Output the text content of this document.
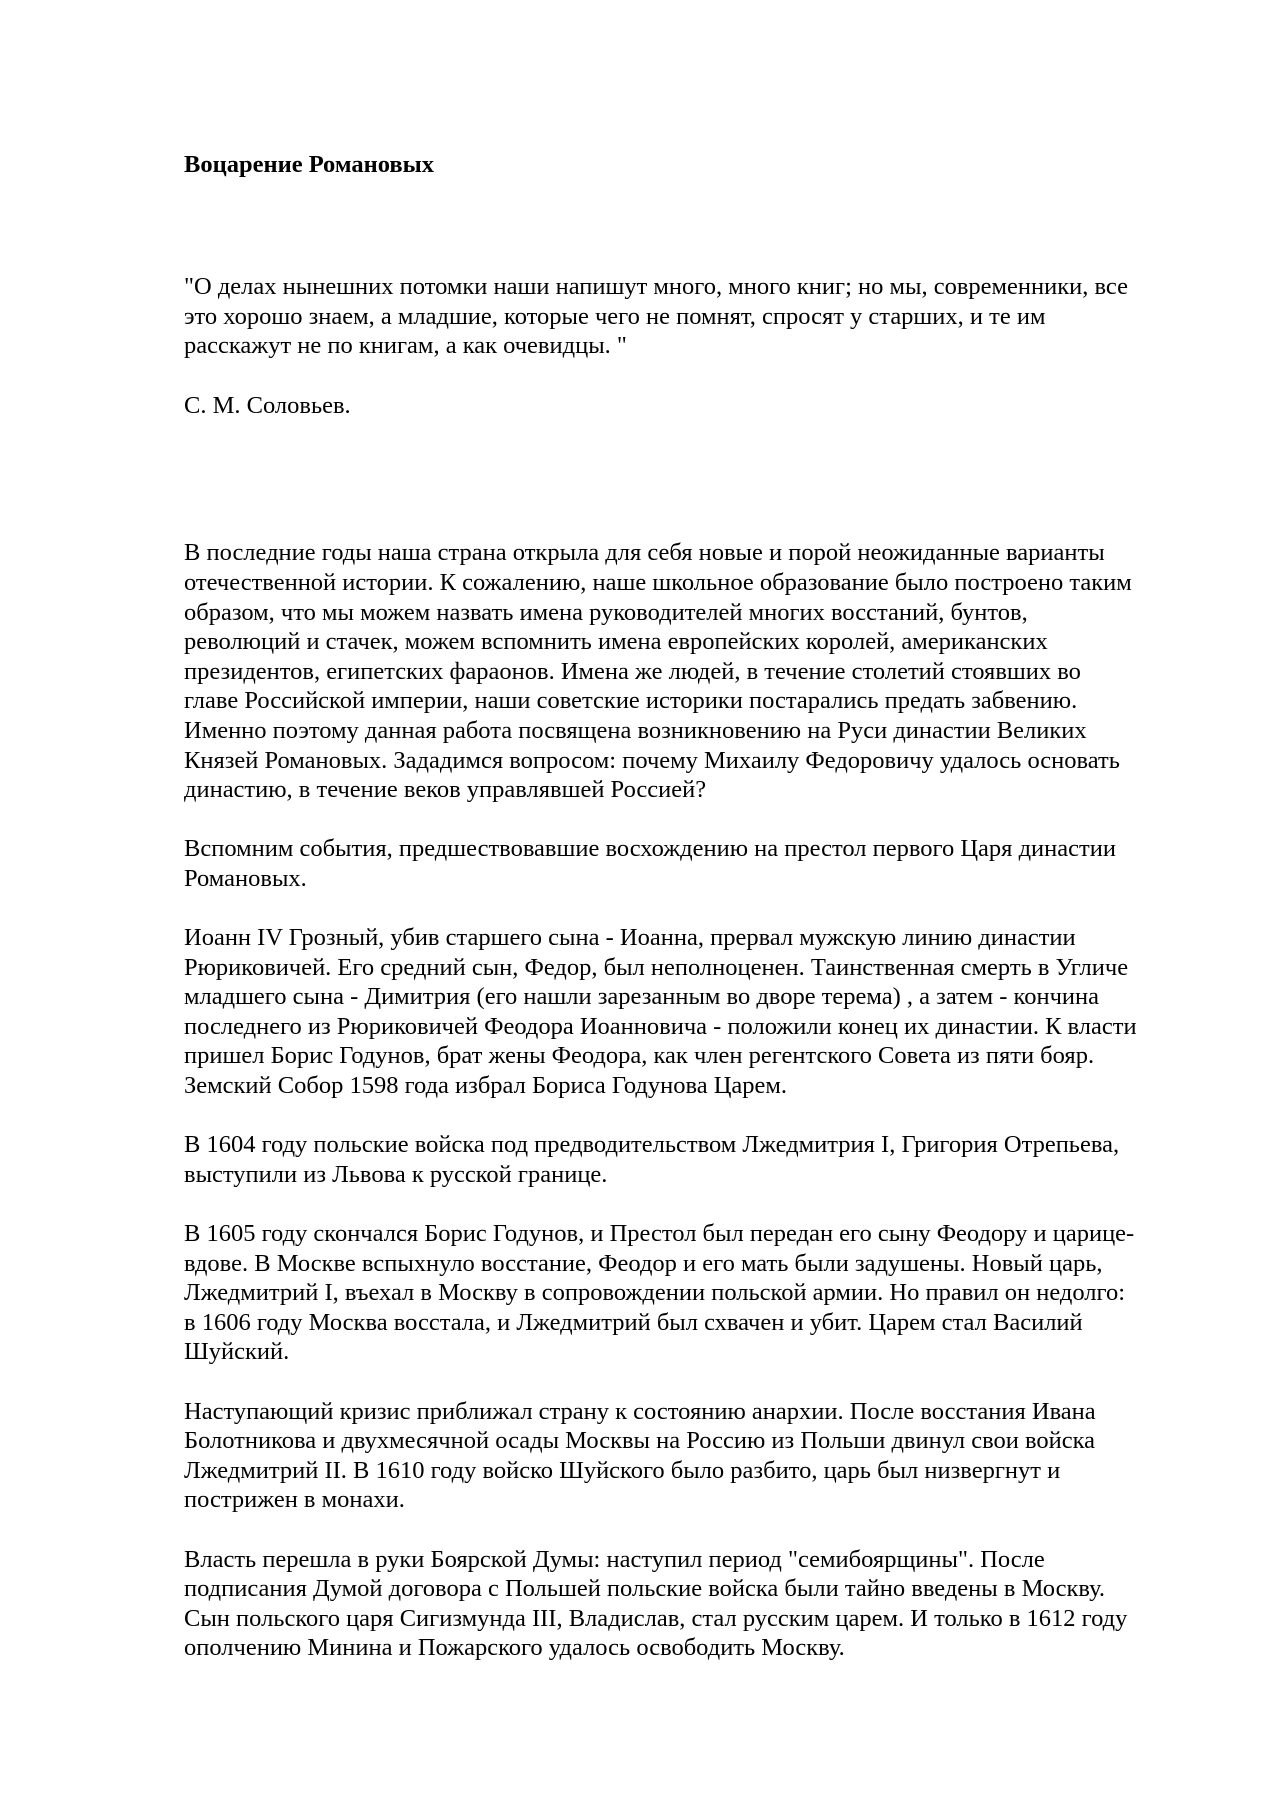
Воцарение Романовых

"О делах нынешних потомки наши напишут много, много книг; но мы, современники, все
это хорошо знаем, а младшие, которые чего не помнят, спросят у старших, и те им
расскажут не по книгам, а как очевидцы. "

С. М. Соловьев.

В последние годы наша страна открыла для себя новые и порой неожиданные варианты
отечественной истории. К сожалению, наше школьное образование было построено таким
образом, что мы можем назвать имена руководителей многих восстаний, бунтов,
революций и стачек, можем вспомнить имена европейских королей, американских
президентов, египетских фараонов. Имена же людей, в течение столетий стоявших во
главе Российской империи, наши советские историки постарались предать забвению.
Именно поэтому данная работа посвящена возникновению на Руси династии Великих
Князей Романовых. Зададимся вопросом: почему Михаилу Федоровичу удалось основать
династию, в течение веков управлявшей Россией?

Вспомним события, предшествовавшие восхождению на престол первого Царя династии
Романовых.

Иоанн IV Грозный, убив старшего сына - Иоанна, прервал мужскую линию династии
Рюриковичей. Его средний сын, Федор, был неполноценен. Таинственная смерть в Угличе
младшего сына - Димитрия (его нашли зарезанным во дворе терема) , а затем - кончина
последнего из Рюриковичей Феодора Иоанновича - положили конец их династии. К власти
пришел Борис Годунов, брат жены Феодора, как член регентского Совета из пяти бояр.
Земский Собор 1598 года избрал Бориса Годунова Царем.

В 1604 году польские войска под предводительством Лжедмитрия I, Григория Отрепьева,
выступили из Львова к русской границе.

В 1605 году скончался Борис Годунов, и Престол был передан его сыну Феодору и царице-
вдове. В Москве вспыхнуло восстание, Феодор и его мать были задушены. Новый царь,
Лжедмитрий I, въехал в Москву в сопровождении польской армии. Но правил он недолго:
в 1606 году Москва восстала, и Лжедмитрий был схвачен и убит. Царем стал Василий
Шуйский.

Наступающий кризис приближал страну к состоянию анархии. После восстания Ивана
Болотникова и двухмесячной осады Москвы на Россию из Польши двинул свои войска
Лжедмитрий II. В 1610 году войско Шуйского было разбито, царь был низвергнут и
пострижен в монахи.

Власть перешла в руки Боярской Думы: наступил период "семибоярщины". После
подписания Думой договора с Польшей польские войска были тайно введены в Москву.
Сын польского царя Сигизмунда III, Владислав, стал русским царем. И только в 1612 году
ополчению Минина и Пожарского удалось освободить Москву.
